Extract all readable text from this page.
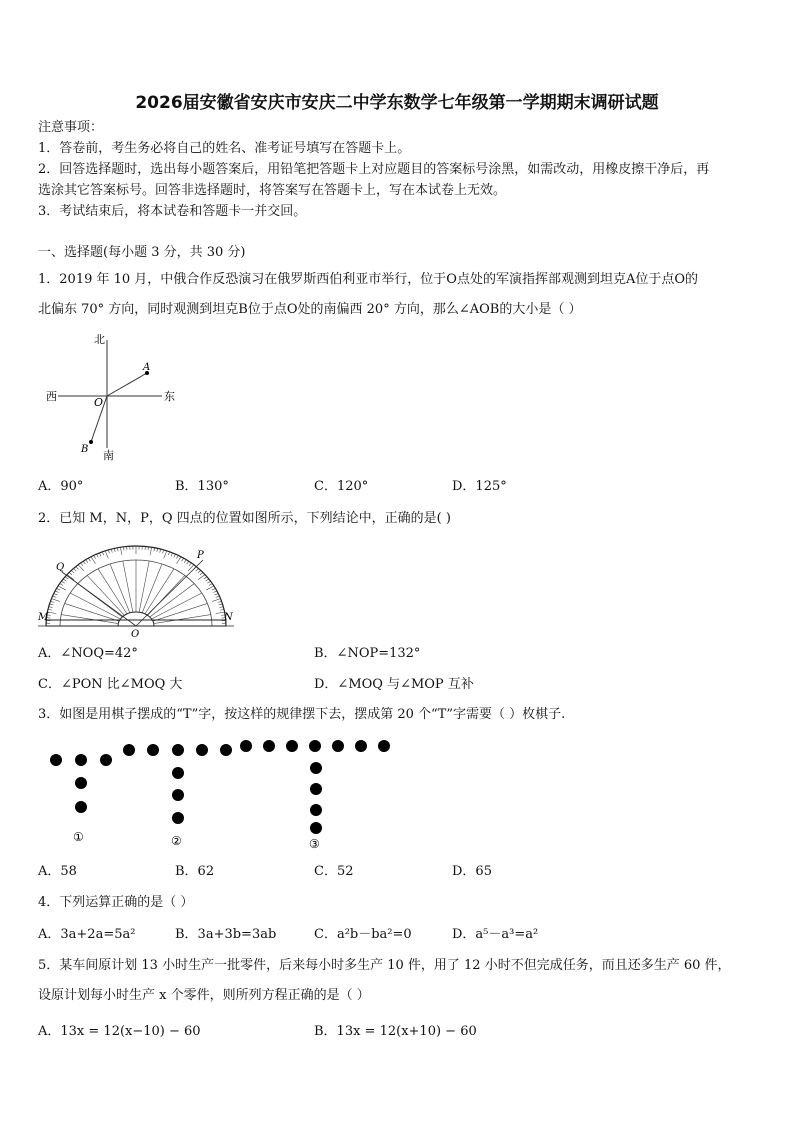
2026届安徽省安庆市安庆二中学东数学七年级第一学期期末调研试题
注意事项：
1．答卷前，考生务必将自己的姓名、准考证号填写在答题卡上。
2．回答选择题时，选出每小题答案后，用铅笔把答题卡上对应题目的答案标号涂黑，如需改动，用橡皮擦干净后，再
选涂其它答案标号。回答非选择题时，将答案写在答题卡上，写在本试卷上无效。
3．考试结束后，将本试卷和答题卡一并交回。
一、选择题(每小题 3 分，共 30 分)
1．2019 年 10 月，中俄合作反恐演习在俄罗斯西伯利亚市举行，位于O点处的军演指挥部观测到坦克A位于点O的
北偏东 70° 方向，同时观测到坦克B位于点O处的南偏西 20° 方向，那么∠AOB的大小是（ ）
北
南
东
西	O
A
B
A．90°	B．130°	C．120°	D．125°
2．已知 M，N，P，Q 四点的位置如图所示，下列结论中，正确的是( )
Q
P
M	N
O
A．∠NOQ=42°	B．∠NOP=132°
C．∠PON 比∠MOQ 大	D．∠MOQ 与∠MOP 互补
3．如图是用棋子摆成的“T”字，按这样的规律摆下去，摆成第 20 个“T”字需要（ ）枚棋子.
①	②	③
A．58	B．62	C．52	D．65
4．下列运算正确的是（ ）
A．3a+2a=5a²	B．3a+3b=3ab	C．a²b－ba²=0	D．a⁵－a³=a²
5．某车间原计划 13 小时生产一批零件，后来每小时多生产 10 件，用了 12 小时不但完成任务，而且还多生产 60 件，
设原计划每小时生产 x 个零件，则所列方程正确的是（ ）
A．13x = 12(x−10) − 60	B．13x = 12(x+10) − 60
